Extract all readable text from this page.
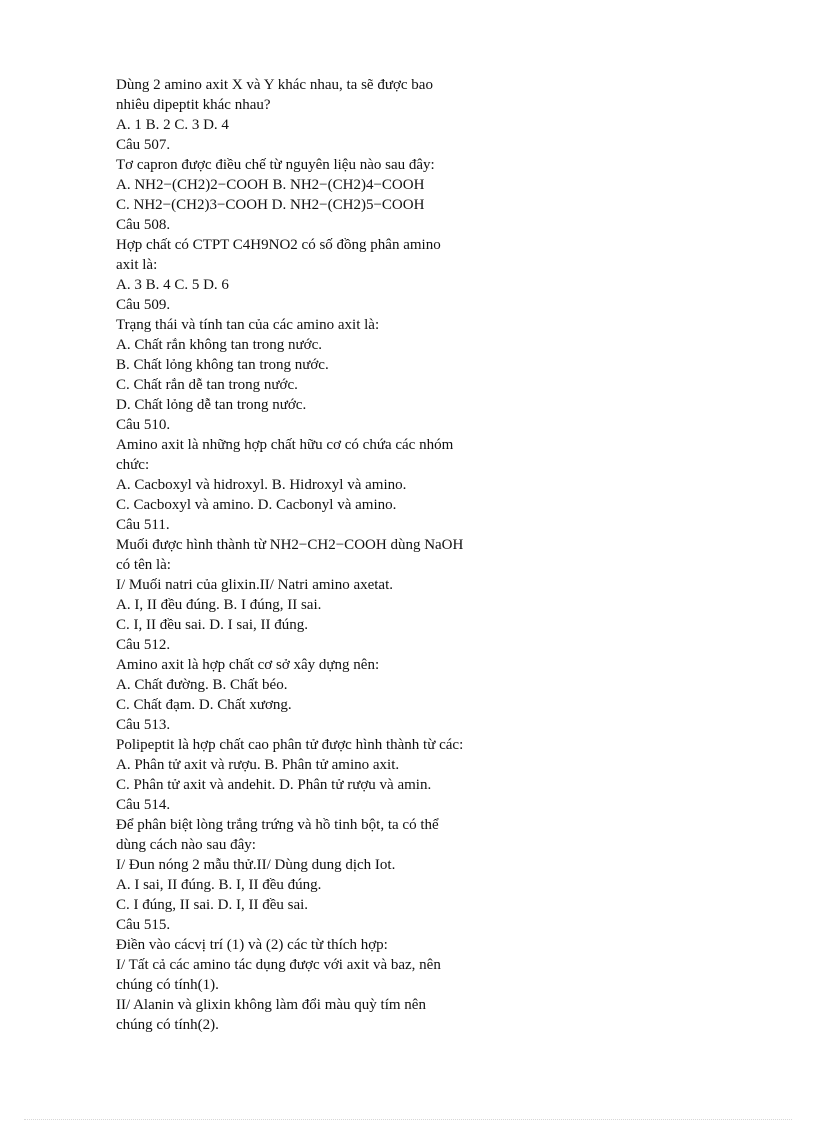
Dùng 2 amino axit X và Y khác nhau, ta sẽ được bao
nhiêu dipeptit khác nhau?
A. 1 B. 2 C. 3 D. 4
Câu 507.
Tơ capron được điều chế từ nguyên liệu nào sau đây:
A. NH2−(CH2)2−COOH B. NH2−(CH2)4−COOH
C. NH2−(CH2)3−COOH D. NH2−(CH2)5−COOH
Câu 508.
Hợp chất có CTPT C4H9NO2 có số đồng phân amino
axit là:
A. 3 B. 4 C. 5 D. 6
Câu 509.
Trạng thái và tính tan của các amino axit là:
A. Chất rắn không tan trong nước.
B. Chất lỏng không tan trong nước.
C. Chất rắn dễ tan trong nước.
D. Chất lỏng dễ tan trong nước.
Câu 510.
Amino axit là những hợp chất hữu cơ có chứa các nhóm
chức:
A. Cacboxyl và hidroxyl. B. Hidroxyl và amino.
C. Cacboxyl và amino. D. Cacbonyl và amino.
Câu 511.
Muối được hình thành từ NH2−CH2−COOH dùng NaOH
có tên là:
I/ Muối natri của glixin.II/ Natri amino axetat.
A. I, II đều đúng. B. I đúng, II sai.
C. I, II đều sai. D. I sai, II đúng.
Câu 512.
Amino axit là hợp chất cơ sở xây dựng nên:
A. Chất đường. B. Chất béo.
C. Chất đạm. D. Chất xương.
Câu 513.
Polipeptit là hợp chất cao phân tử được hình thành từ các:
A. Phân tử axit và rượu. B. Phân tử amino axit.
C. Phân tử axit và andehit. D. Phân tử rượu và amin.
Câu 514.
Để phân biệt lòng trắng trứng và hồ tinh bột, ta có thể
dùng cách nào sau đây:
I/ Đun nóng 2 mẫu thử.II/ Dùng dung dịch Iot.
A. I sai, II đúng. B. I, II đều đúng.
C. I đúng, II sai. D. I, II đều sai.
Câu 515.
Điền vào cácvị trí (1) và (2) các từ thích hợp:
I/ Tất cả các amino tác dụng được với axit và baz, nên
chúng có tính(1).
II/ Alanin và glixin không làm đổi màu quỳ tím nên
chúng có tính(2).
